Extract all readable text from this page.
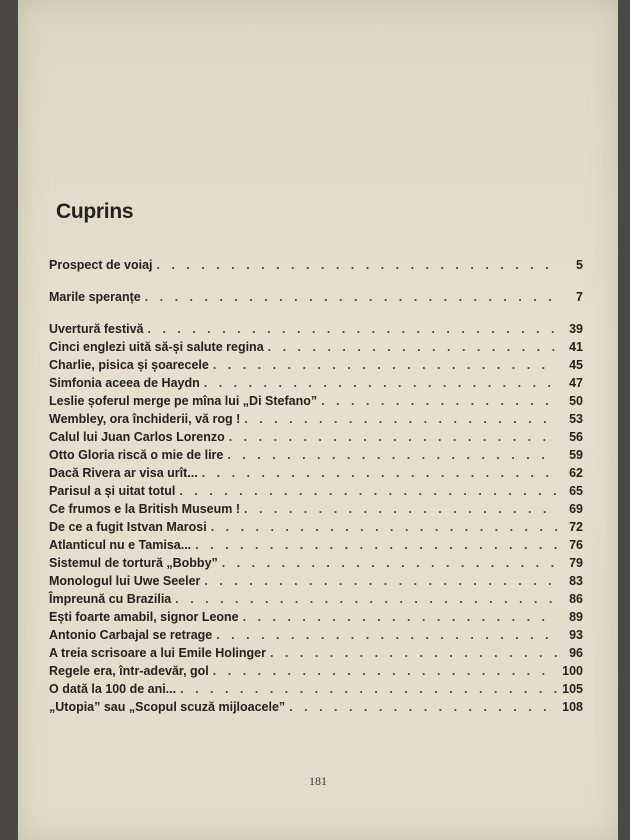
Cuprins
Prospect de voiaj . . .	5
Marile speranțe . . .	7
Uvertură festivă . . .	39
Cinci englezi uită să-și salute regina . . .	41
Charlie, pisica și șoarecele . . .	45
Simfonia aceea de Haydn . . .	47
Leslie șoferul merge pe mîna lui „Di Stefano” . . .	50
Wembley, ora închiderii, vă rog ! . . .	53
Calul lui Juan Carlos Lorenzo . . .	56
Otto Gloria riscă o mie de lire . . .	59
Dacă Rivera ar visa urît... . . .	62
Parisul a și uitat totul . . .	65
Ce frumos e la British Museum ! . . .	69
De ce a fugit Istvan Marosi . . .	72
Atlanticul nu e Tamisa... . . .	76
Sistemul de tortură „Bobby” . . .	79
Monologul lui Uwe Seeler . . .	83
Împreună cu Brazilia . . .	86
Ești foarte amabil, signor Leone . . .	89
Antonio Carbajal se retrage . . .	93
A treia scrisoare a lui Emile Holinger . . .	96
Regele era, într-adevăr, gol . . .	100
O dată la 100 de ani... . . .	105
„Utopia” sau „Scopul scuză mijloacele” . . .	108
181
